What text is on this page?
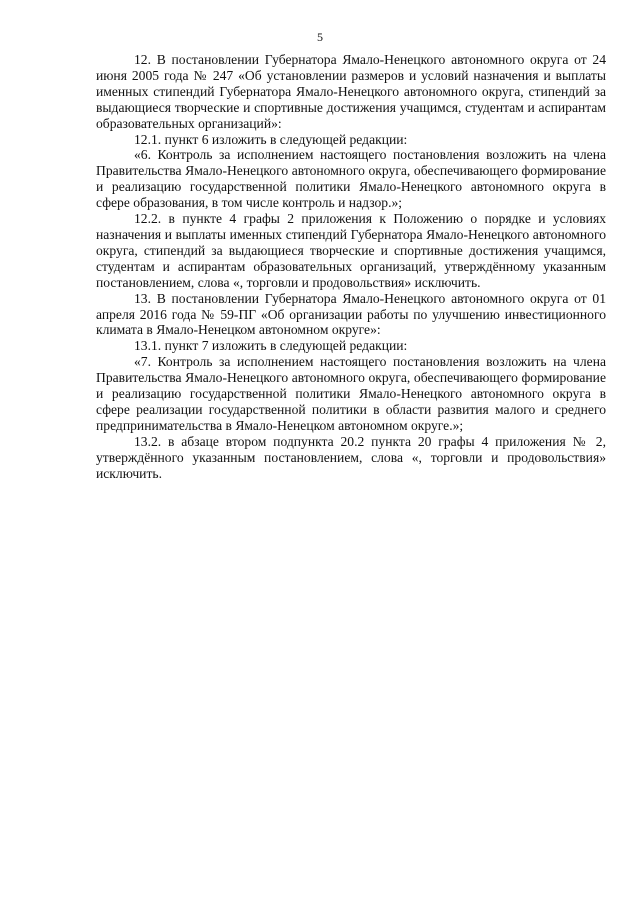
5

12. В постановлении Губернатора Ямало-Ненецкого автономного округа от 24 июня 2005 года № 247 «Об установлении размеров и условий назначения и выплаты именных стипендий Губернатора Ямало-Ненецкого автономного округа, стипендий за выдающиеся творческие и спортивные достижения учащимся, студентам и аспирантам образовательных организаций»:

12.1. пункт 6 изложить в следующей редакции:

«6. Контроль за исполнением настоящего постановления возложить на члена Правительства Ямало-Ненецкого автономного округа, обеспечивающего формирование и реализацию государственной политики Ямало-Ненецкого автономного округа в сфере образования, в том числе контроль и надзор.»;

12.2. в пункте 4 графы 2 приложения к Положению о порядке и условиях назначения и выплаты именных стипендий Губернатора Ямало-Ненецкого автономного округа, стипендий за выдающиеся творческие и спортивные достижения учащимся, студентам и аспирантам образовательных организаций, утверждённому указанным постановлением, слова «, торговли и продовольствия» исключить.

13. В постановлении Губернатора Ямало-Ненецкого автономного округа от 01 апреля 2016 года № 59-ПГ «Об организации работы по улучшению инвестиционного климата в Ямало-Ненецком автономном округе»:

13.1. пункт 7 изложить в следующей редакции:

«7. Контроль за исполнением настоящего постановления возложить на члена Правительства Ямало-Ненецкого автономного округа, обеспечивающего формирование и реализацию государственной политики Ямало-Ненецкого автономного округа в сфере реализации государственной политики в области развития малого и среднего предпринимательства в Ямало-Ненецком автономном округе.»;

13.2. в абзаце втором подпункта 20.2 пункта 20 графы 4 приложения № 2, утверждённого указанным постановлением, слова «, торговли и продовольствия» исключить.
